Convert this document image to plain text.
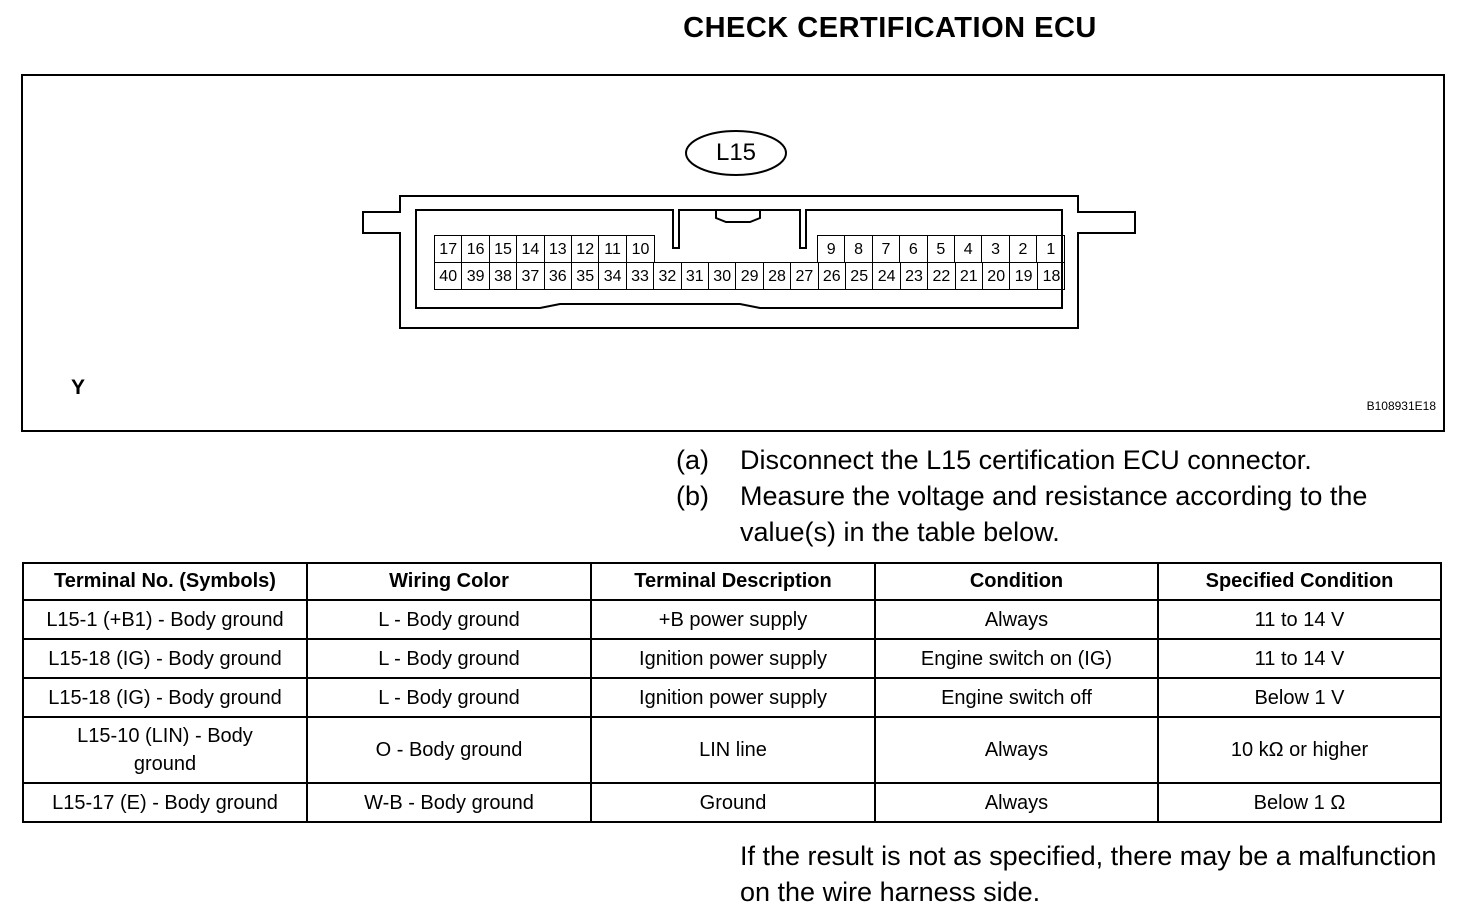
CHECK CERTIFICATION ECU
L15
17 16 15 14 13 12 11 10	9	8	7	6	5	4	3	2	1
40 39 38 37 36 35 34 33 32 31 30 29 28 27 26 25 24 23 22 21 20 19 18
Y
B108931E18
(a)	Disconnect the L15 certification ECU connector.
(b)	Measure the voltage and resistance according to the value(s) in the table below.
Terminal No. (Symbols)	Wiring Color	Terminal Description	Condition	Specified Condition
L15-1 (+B1) - Body ground	L - Body ground	+B power supply	Always	11 to 14 V
L15-18 (IG) - Body ground	L - Body ground	Ignition power supply	Engine switch on (IG)	11 to 14 V
L15-18 (IG) - Body ground	L - Body ground	Ignition power supply	Engine switch off	Below 1 V
L15-10 (LIN) - Body ground	O - Body ground	LIN line	Always	10 kΩ or higher
L15-17 (E) - Body ground	W-B - Body ground	Ground	Always	Below 1 Ω
If the result is not as specified, there may be a malfunction on the wire harness side.
